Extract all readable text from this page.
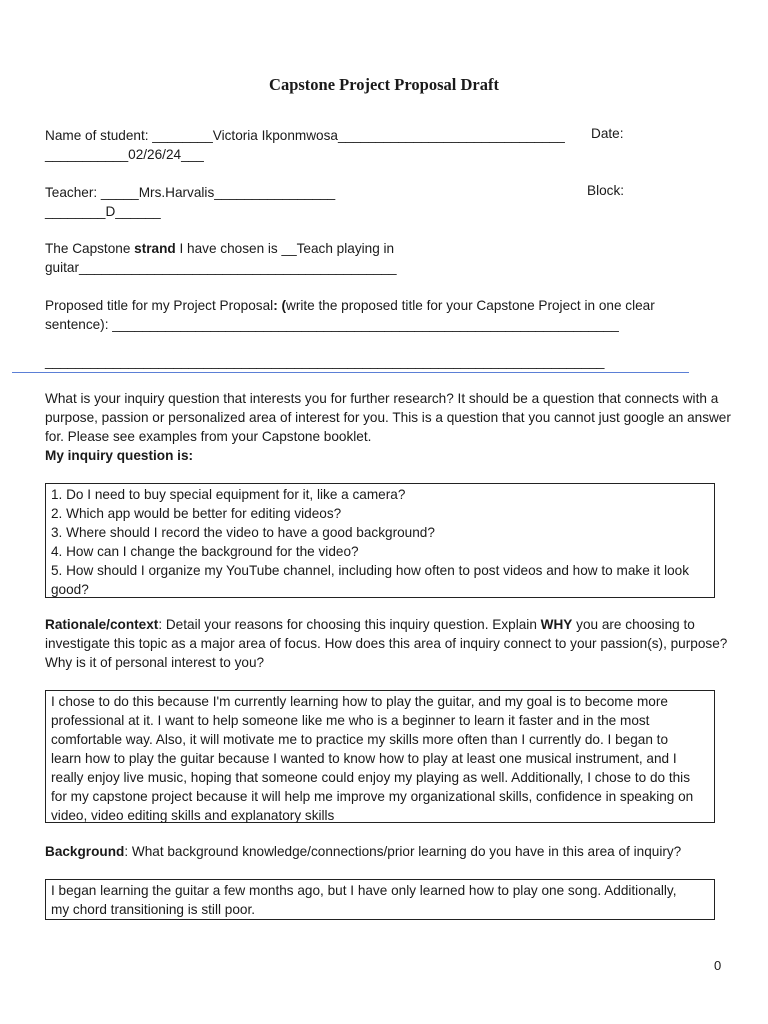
Capstone Project Proposal Draft
Name of student: ________Victoria Ikponmwosa______________________________	Date:
___________02/26/24___
Teacher: _____Mrs.Harvalis________________	Block:
________D______
The Capstone strand I have chosen is __Teach playing in
guitar__________________________________________
Proposed title for my Project Proposal: (write the proposed title for your Capstone Project in one clear
sentence): ___________________________________________________________________
__________________________________________________________________________
What is your inquiry question that interests you for further research? It should be a question that connects with a purpose, passion or personalized area of interest for you. This is a question that you cannot just google an answer for. Please see examples from your Capstone booklet.
My inquiry question is:
1. Do I need to buy special equipment for it, like a camera?
2. Which app would be better for editing videos?
3. Where should I record the video to have a good background?
4. How can I change the background for the video?
5. How should I organize my YouTube channel, including how often to post videos and how to make it look
good?
Rationale/context: Detail your reasons for choosing this inquiry question. Explain WHY you are choosing to investigate this topic as a major area of focus. How does this area of inquiry connect to your passion(s), purpose? Why is it of personal interest to you?
I chose to do this because I'm currently learning how to play the guitar, and my goal is to become more
professional at it. I want to help someone like me who is a beginner to learn it faster and in the most
comfortable way. Also, it will motivate me to practice my skills more often than I currently do. I began to
learn how to play the guitar because I wanted to know how to play at least one musical instrument, and I
really enjoy live music, hoping that someone could enjoy my playing as well. Additionally, I chose to do this
for my capstone project because it will help me improve my organizational skills, confidence in speaking on
video, video editing skills and explanatory skills
Background: What background knowledge/connections/prior learning do you have in this area of inquiry?
I began learning the guitar a few months ago, but I have only learned how to play one song. Additionally,
my chord transitioning is still poor.
0
